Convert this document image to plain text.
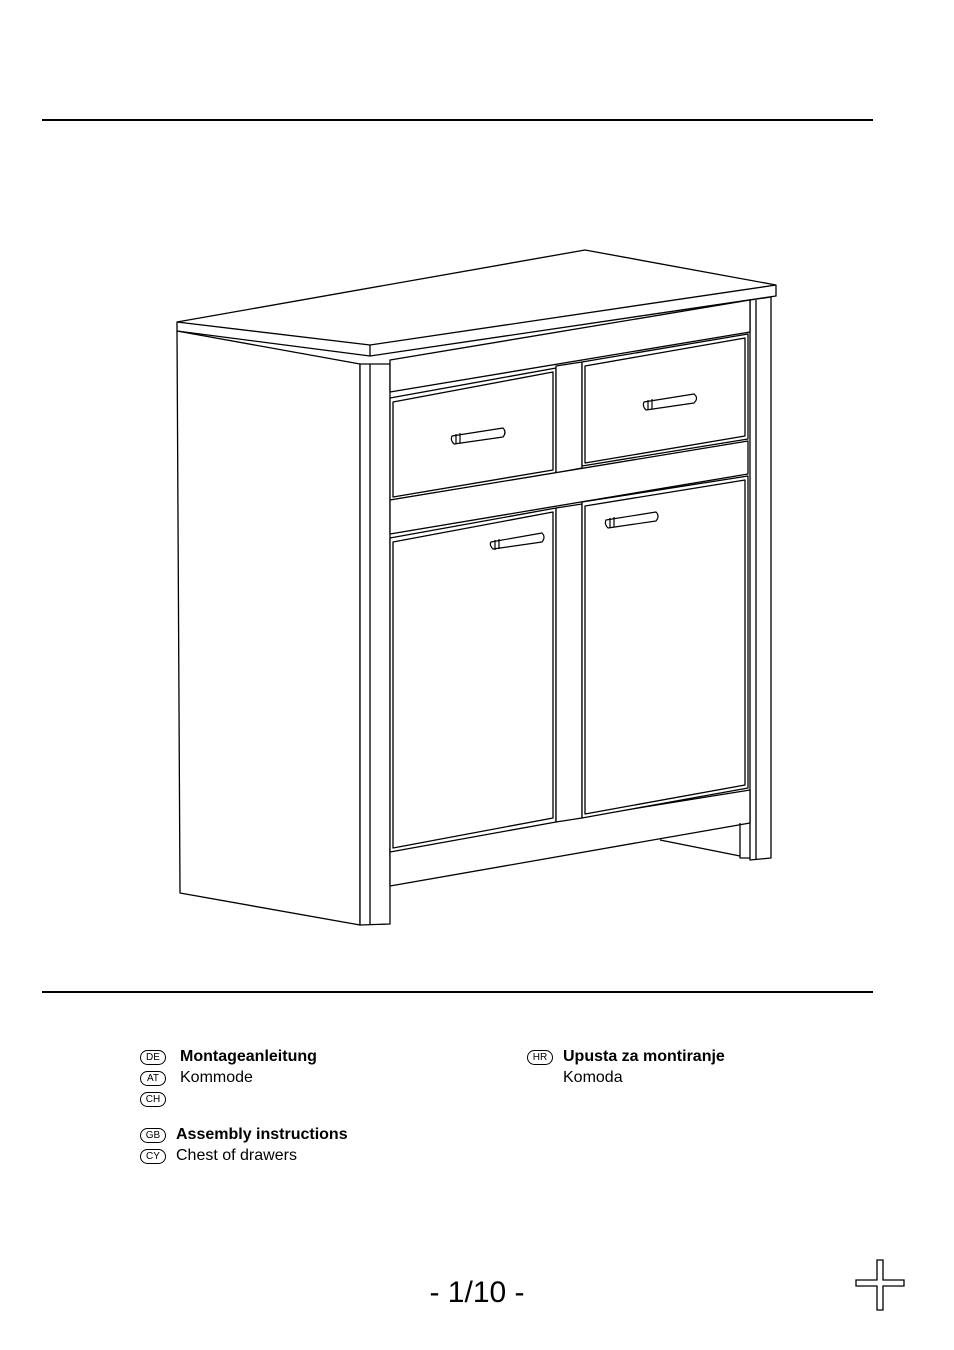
DE	Montageanleitung
AT	Kommode
CH
GB Assembly instructions
CY	Chest of drawers
HR Upusta za montiranje
Komoda
- 1/10 -
